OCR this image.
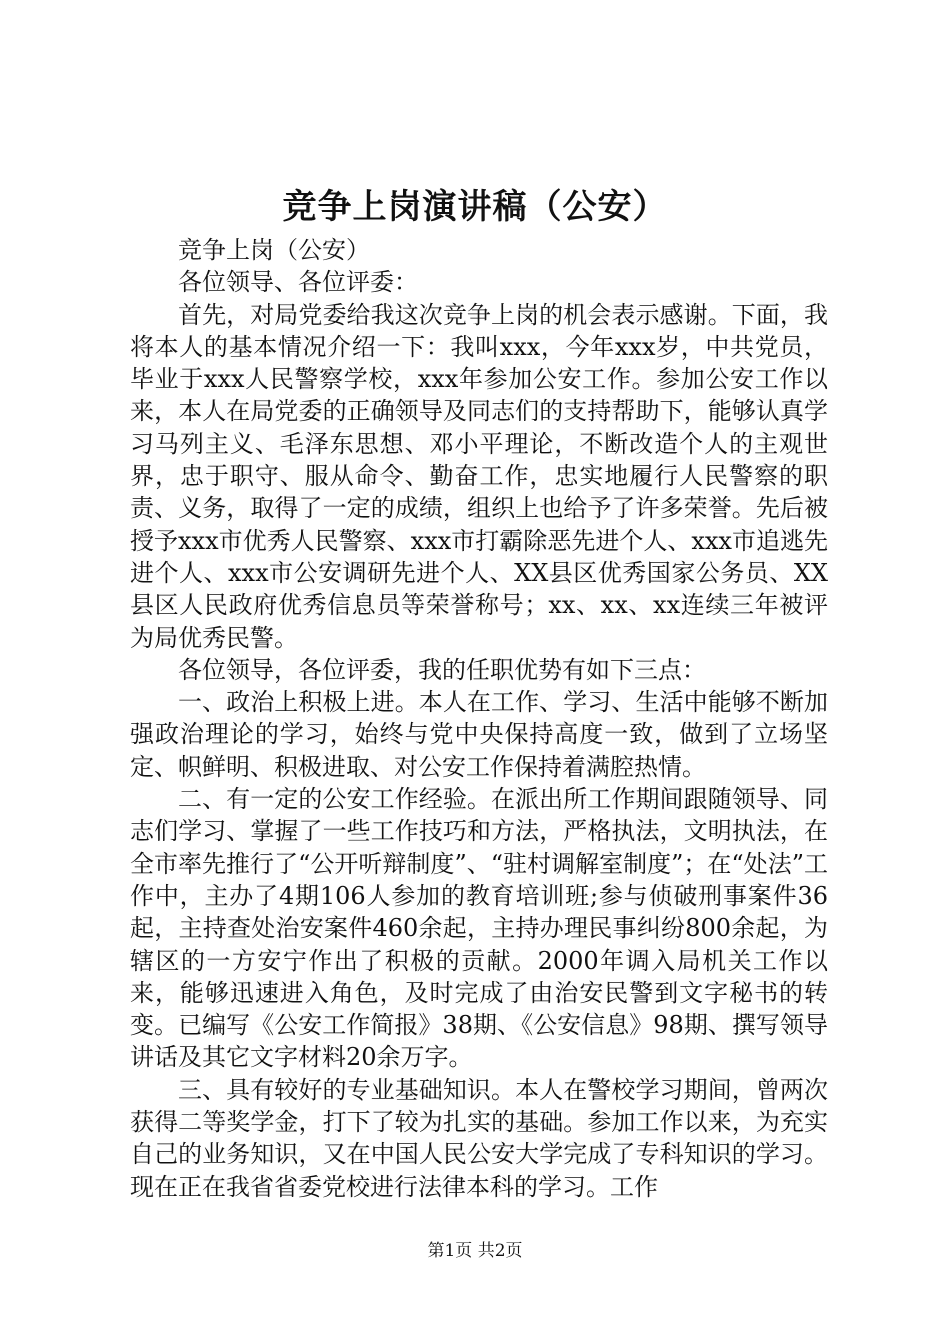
竞争上岗演讲稿（公安）

竞争上岗（公安）

各位领导、各位评委：

首先，对局党委给我这次竞争上岗的机会表示感谢。下面，我将本人的基本情况介绍一下：我叫xxx，今年xxx岁，中共党员，毕业于xxx人民警察学校，xxx年参加公安工作。参加公安工作以来，本人在局党委的正确领导及同志们的支持帮助下，能够认真学习马列主义、毛泽东思想、邓小平理论，不断改造个人的主观世界，忠于职守、服从命令、勤奋工作，忠实地履行人民警察的职责、义务，取得了一定的成绩，组织上也给予了许多荣誉。先后被授予xxx市优秀人民警察、xxx市打霸除恶先进个人、xxx市追逃先进个人、xxx市公安调研先进个人、XX县区优秀国家公务员、XX县区人民政府优秀信息员等荣誉称号；xx、xx、xx连续三年被评为局优秀民警。

各位领导，各位评委，我的任职优势有如下三点：

一、政治上积极上进。本人在工作、学习、生活中能够不断加强政治理论的学习，始终与党中央保持高度一致，做到了立场坚定、帜鲜明、积极进取、对公安工作保持着满腔热情。

二、有一定的公安工作经验。在派出所工作期间跟随领导、同志们学习、掌握了一些工作技巧和方法，严格执法，文明执法，在全市率先推行了“公开听辩制度”、“驻村调解室制度”；在“处法”工作中，主办了4期106人参加的教育培训班;参与侦破刑事案件36起，主持查处治安案件460余起，主持办理民事纠纷800余起，为辖区的一方安宁作出了积极的贡献。2000年调入局机关工作以来，能够迅速进入角色，及时完成了由治安民警到文字秘书的转变。已编写《公安工作简报》38期、《公安信息》98期、撰写领导讲话及其它文字材料20余万字。

三、具有较好的专业基础知识。本人在警校学习期间，曾两次获得二等奖学金，打下了较为扎实的基础。参加工作以来，为充实自己的业务知识，又在中国人民公安大学完成了专科知识的学习。现在正在我省省委党校进行法律本科的学习。工作

第1页 共2页
